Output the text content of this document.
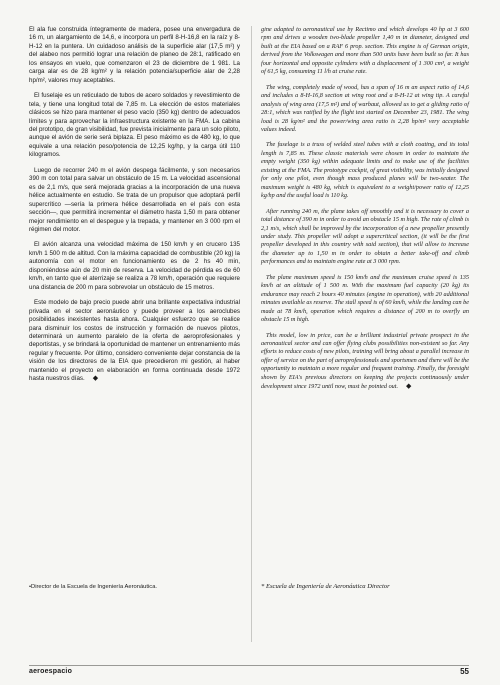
El ala fue construida íntegramente de madera, posee una envergadura de 16 m, un alargamiento de 14,6, e incorpora un perfil 8-H-16,8 en la raíz y 8-H-12 en la puntera. Un cuidadoso análisis de la superficie alar (17,5 m²) y del alabeo nos permitió lograr una relación de planeo de 28:1, ratificado en los ensayos en vuelo, que comenzaron el 23 de diciembre de 1 981. La carga alar es de 28 kg/m² y la relación potencia/superficie alar de 2,28 hp/m², valores muy aceptables.

El fuselaje es un reticulado de tubos de acero soldados y revestimiento de tela, y tiene una longitud total de 7,85 m. La elección de estos materiales clásicos se hizo para mantener el peso vacío (350 kg) dentro de adecuados límites y para aprovechar la infraestructura existente en la FMA. La cabina del prototipo, de gran visibilidad, fue prevista inicialmente para un solo piloto, aunque el avión de serie será biplaza. El peso máximo es de 480 kg, lo que equivale a una relación peso/potencia de 12,25 kg/hp, y la carga útil 110 kilogramos.

Luego de recorrer 240 m el avión despega fácilmente, y son necesarios 390 m con total para salvar un obstáculo de 15 m. La velocidad ascensional es de 2,1 m/s, que será mejorada gracias a la incorporación de una nueva hélice actualmente en estudio. Se trata de un propulsor que adoptará perfil supercrítico —sería la primera hélice desarrollada en el país con esta sección—, que permitirá incrementar el diámetro hasta 1,50 m para obtener mejor rendimiento en el despegue y la trepada, y mantener en 3 000 rpm el régimen del motor.

El avión alcanza una velocidad máxima de 150 km/h y en crucero 135 km/h 1 500 m de altitud. Con la máxima capacidad de combustible (20 kg) la autonomía con el motor en funcionamiento es de 2 hs 40 min, disponiéndose aún de 20 min de reserva. La velocidad de pérdida es de 60 km/h, en tanto que el aterrizaje se realiza a 78 km/h, operación que requiere una distancia de 200 m para sobrevolar un obstáculo de 15 metros.

Este modelo de bajo precio puede abrir una brillante expectativa industrial privada en el sector aeronáutico y puede proveer a los aeroclubes posibilidades inexistentes hasta ahora. Cualquier esfuerzo que se realice para disminuir los costos de instrucción y formación de nuevos pilotos, determinará un aumento paralelo de la oferta de aeroprofesionales y deportistas, y se brindará la oportunidad de mantener un entrenamiento más regular y frecuente. Por último, considero conveniente dejar constancia de la visión de los directores de la EIA que precedieron mi gestión, al haber mantenido el proyecto en elaboración en forma continuada desde 1972 hasta nuestros días. ◆

gine adapted to aeronautical use by Rectimo and which develops 40 hp at 3 600 rpm and drives a wooden two-blade propeller 1,40 m in diameter, designed and built at the EIA based on a RAF 6 prop. section. This engine is of German origin, derived from the Volkswagen and more than 500 units have been built so far. It has four horizontal and opposite cylinders with a displacement of 1 300 cm³, a weight of 61,5 kg, consuming 11 l/h at cruise rate.

The wing, completely made of wood, has a span of 16 m an aspect ratio of 14,6 and includes a 8-H-16,8 section at wing root and a 8-H-12 at wing tip. A careful analysis of wing area (17,5 m²) and of warbaut, allowed us to get a gliding ratio of 28:1, which was ratified by the flight test started on December 23, 1981. The wing load is 28 kg/m² and the power/wing area ratio is 2,28 hp/m² very acceptable values indeed.

The fuselage is a truss of welded steel tubes with a cloth coating, and its total length is 7,85 m. These classic materials were chosen in order to maintain the empty weight (350 kg) within adequate limits and to make use of the facilities existing at the FMA. The prototype cockpit, of great visibility, was initially designed for only one pilot, even though mass produced planes will be two-seater. The maximum weight is 480 kg, which is equivalent to a weight/power ratio of 12,25 kg/hp and the useful load is 110 kg.

After running 240 m, the plane takes off smoothly and it is necessary to cover a total distance of 390 m in order to avoid an obstacle 15 m high. The rate of climb is 2,1 m/s, which shall be improved by the incorporation of a new propeller presently under study. This propeller will adopt a supercritical section, (it will be the first propeller developed in this country with said section), that will allow to increase the diameter up to 1,50 m in order to obtain a better take-off and climb performances and to maintain engine rate at 3 000 rpm.

The plane maximum speed is 150 km/h and the maximum cruise speed is 135 km/h at an altitude of 1 500 m. With the maximum fuel capacity (20 kg) its endurance may reach 2 hours 40 minutes (engine in operation), with 20 additional minutes available as reserve. The stall speed is of 60 km/h, while the landing can be made at 78 km/h, operation which requires a distance of 200 m to overfly an obstacle 15 m high.

This model, low in price, can be a brilliant industrial private prospect in the aeronautical sector and can offer flying clubs possibilities non-existent so far. Any efforts to reduce costs of new pilots, training will bring about a parallel increase in offer of service on the part of aeroprofessionals and sportsmen and there will be the opportunity to maintain a more regular and frequent training. Finally, the foresight shown by EIA's previous directors on keeping the projects continuously under development since 1972 until now, must be pointed out. ◆

•Director de la Escuela de Ingeniería Aeronáutica.	* Escuela de Ingeniería de Aeronáutica Director
aeroespacio	55
